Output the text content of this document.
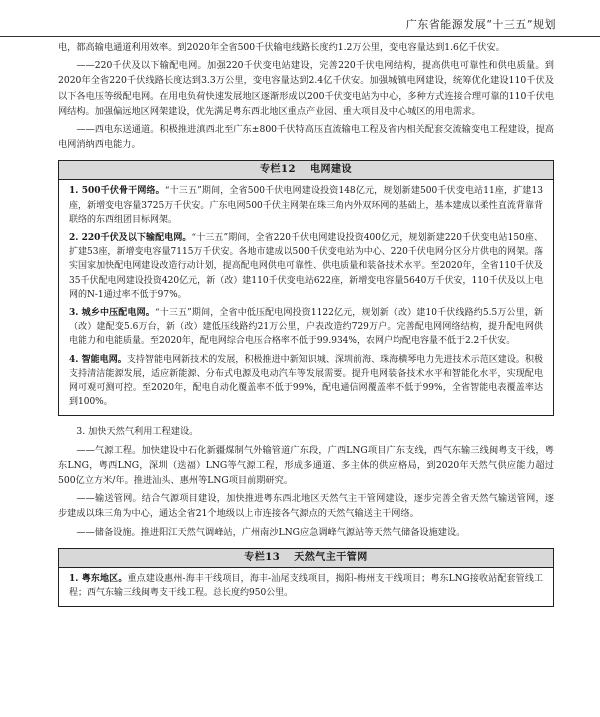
广东省能源发展“十三五”规划

电，都高输电通道利用效率。到2020年全省500千伏输电线路长度约1.2万公里，变电容量达到1.6亿千伏安。

——220千伏及以下输配电网。加强220千伏变电站建设，完善220千伏电网结构，提高供电可靠性和供电质量。到2020年全省220千伏线路长度达到3.3万公里，变电容量达到2.4亿千伏安。加强城镇电网建设，统筹优化建设110千伏及以下各电压等级配电网。在用电负荷快速发展地区逐渐形成以200千伏变电站为中心，多种方式连接合理可靠的110千伏电网结构。加强偏远地区网架建设，优先满足粤东西北地区重点产业园、重大项目及中心城区的用电需求。

——西电东送通道。积极推进滇西北至广东±800千伏特高压直流输电工程及省内相关配套交流输变电工程建设，提高电网消纳西电能力。

专栏12 电网建设

1. 500千伏骨干网络。“十三五”期间，全省500千伏电网建设投资148亿元，规划新建500千伏变电站11座，扩建13座，新增变电容量3725万千伏安。广东电网500千伏主网架在珠三角内外双环网的基础上，基本建成以柔性直流背靠背联络的东西组团目标网架。

2. 220千伏及以下输配电网。“十三五”期间，全省220千伏电网建设投资400亿元，规划新建220千伏变电站150座、扩建53座，新增变电容量7115万千伏安。各地市建成以500千伏变电站为中心、220千伏电网分区分片供电的网架。落实国家加快配电网建设改造行动计划，提高配电网供电可靠性、供电质量和装备技术水平。至2020年，全省110千伏及35千伏配电网建设投资420亿元，新（改）建110千伏变电站622座，新增变电容量5640万千伏安，110千伏及以上电网的N-1通过率不低于97%。

3. 城乡中压配电网。“十三五”期间，全省中低压配电网投资1122亿元，规划新（改）建10千伏线路约5.5万公里，新（改）建配变5.6万台，新（改）建低压线路约21万公里，户表改造约729万户。完善配电网网络结构，提升配电网供电能力和电能质量。至2020年，配电网综合电压合格率不低于99.934%，农网户均配电容量不低于2.2千伏安。

4. 智能电网。支持智能电网新技术的发展，积极推进中新知识城、深圳前海、珠海横琴电力先进技术示范区建设。积极支持清洁能源发展，适应新能源、分布式电源及电动汽车等发展需要。提升电网装备技术水平和智能化水平，实现配电网可观可测可控。至2020年，配电自动化覆盖率不低于99%，配电通信网覆盖率不低于99%，全省智能电表覆盖率达到100%。

3. 加快天然气利用工程建设。

——气源工程。加快建设中石化新疆煤制气外输管道广东段，广西LNG项目广东支线，西气东输三线闽粤支干线，粤东LNG，粤西LNG，深圳（迭福）LNG等气源工程，形成多通道、多主体的供应格局，到2020年天然气供应能力超过500亿立方米/年。推进汕头、惠州等LNG项目前期研究。

——输送管网。结合气源项目建设，加快推进粤东西北地区天然气主干管网建设，逐步完善全省天然气输送管网，逐步建成以珠三角为中心，通达全省21个地级以上市连接各气源点的天然气输送主干网络。

——储备设施。推进阳江天然气调峰站，广州南沙LNG应急调峰气源站等天然气储备设施建设。

专栏13 天然气主干管网

1. 粤东地区。重点建设惠州-海丰干线项目，海丰-汕尾支线项目，揭阳-梅州支干线项目；粤东LNG接收站配套管线工程；西气东输三线闽粤支干线工程。总长度约950公里。
